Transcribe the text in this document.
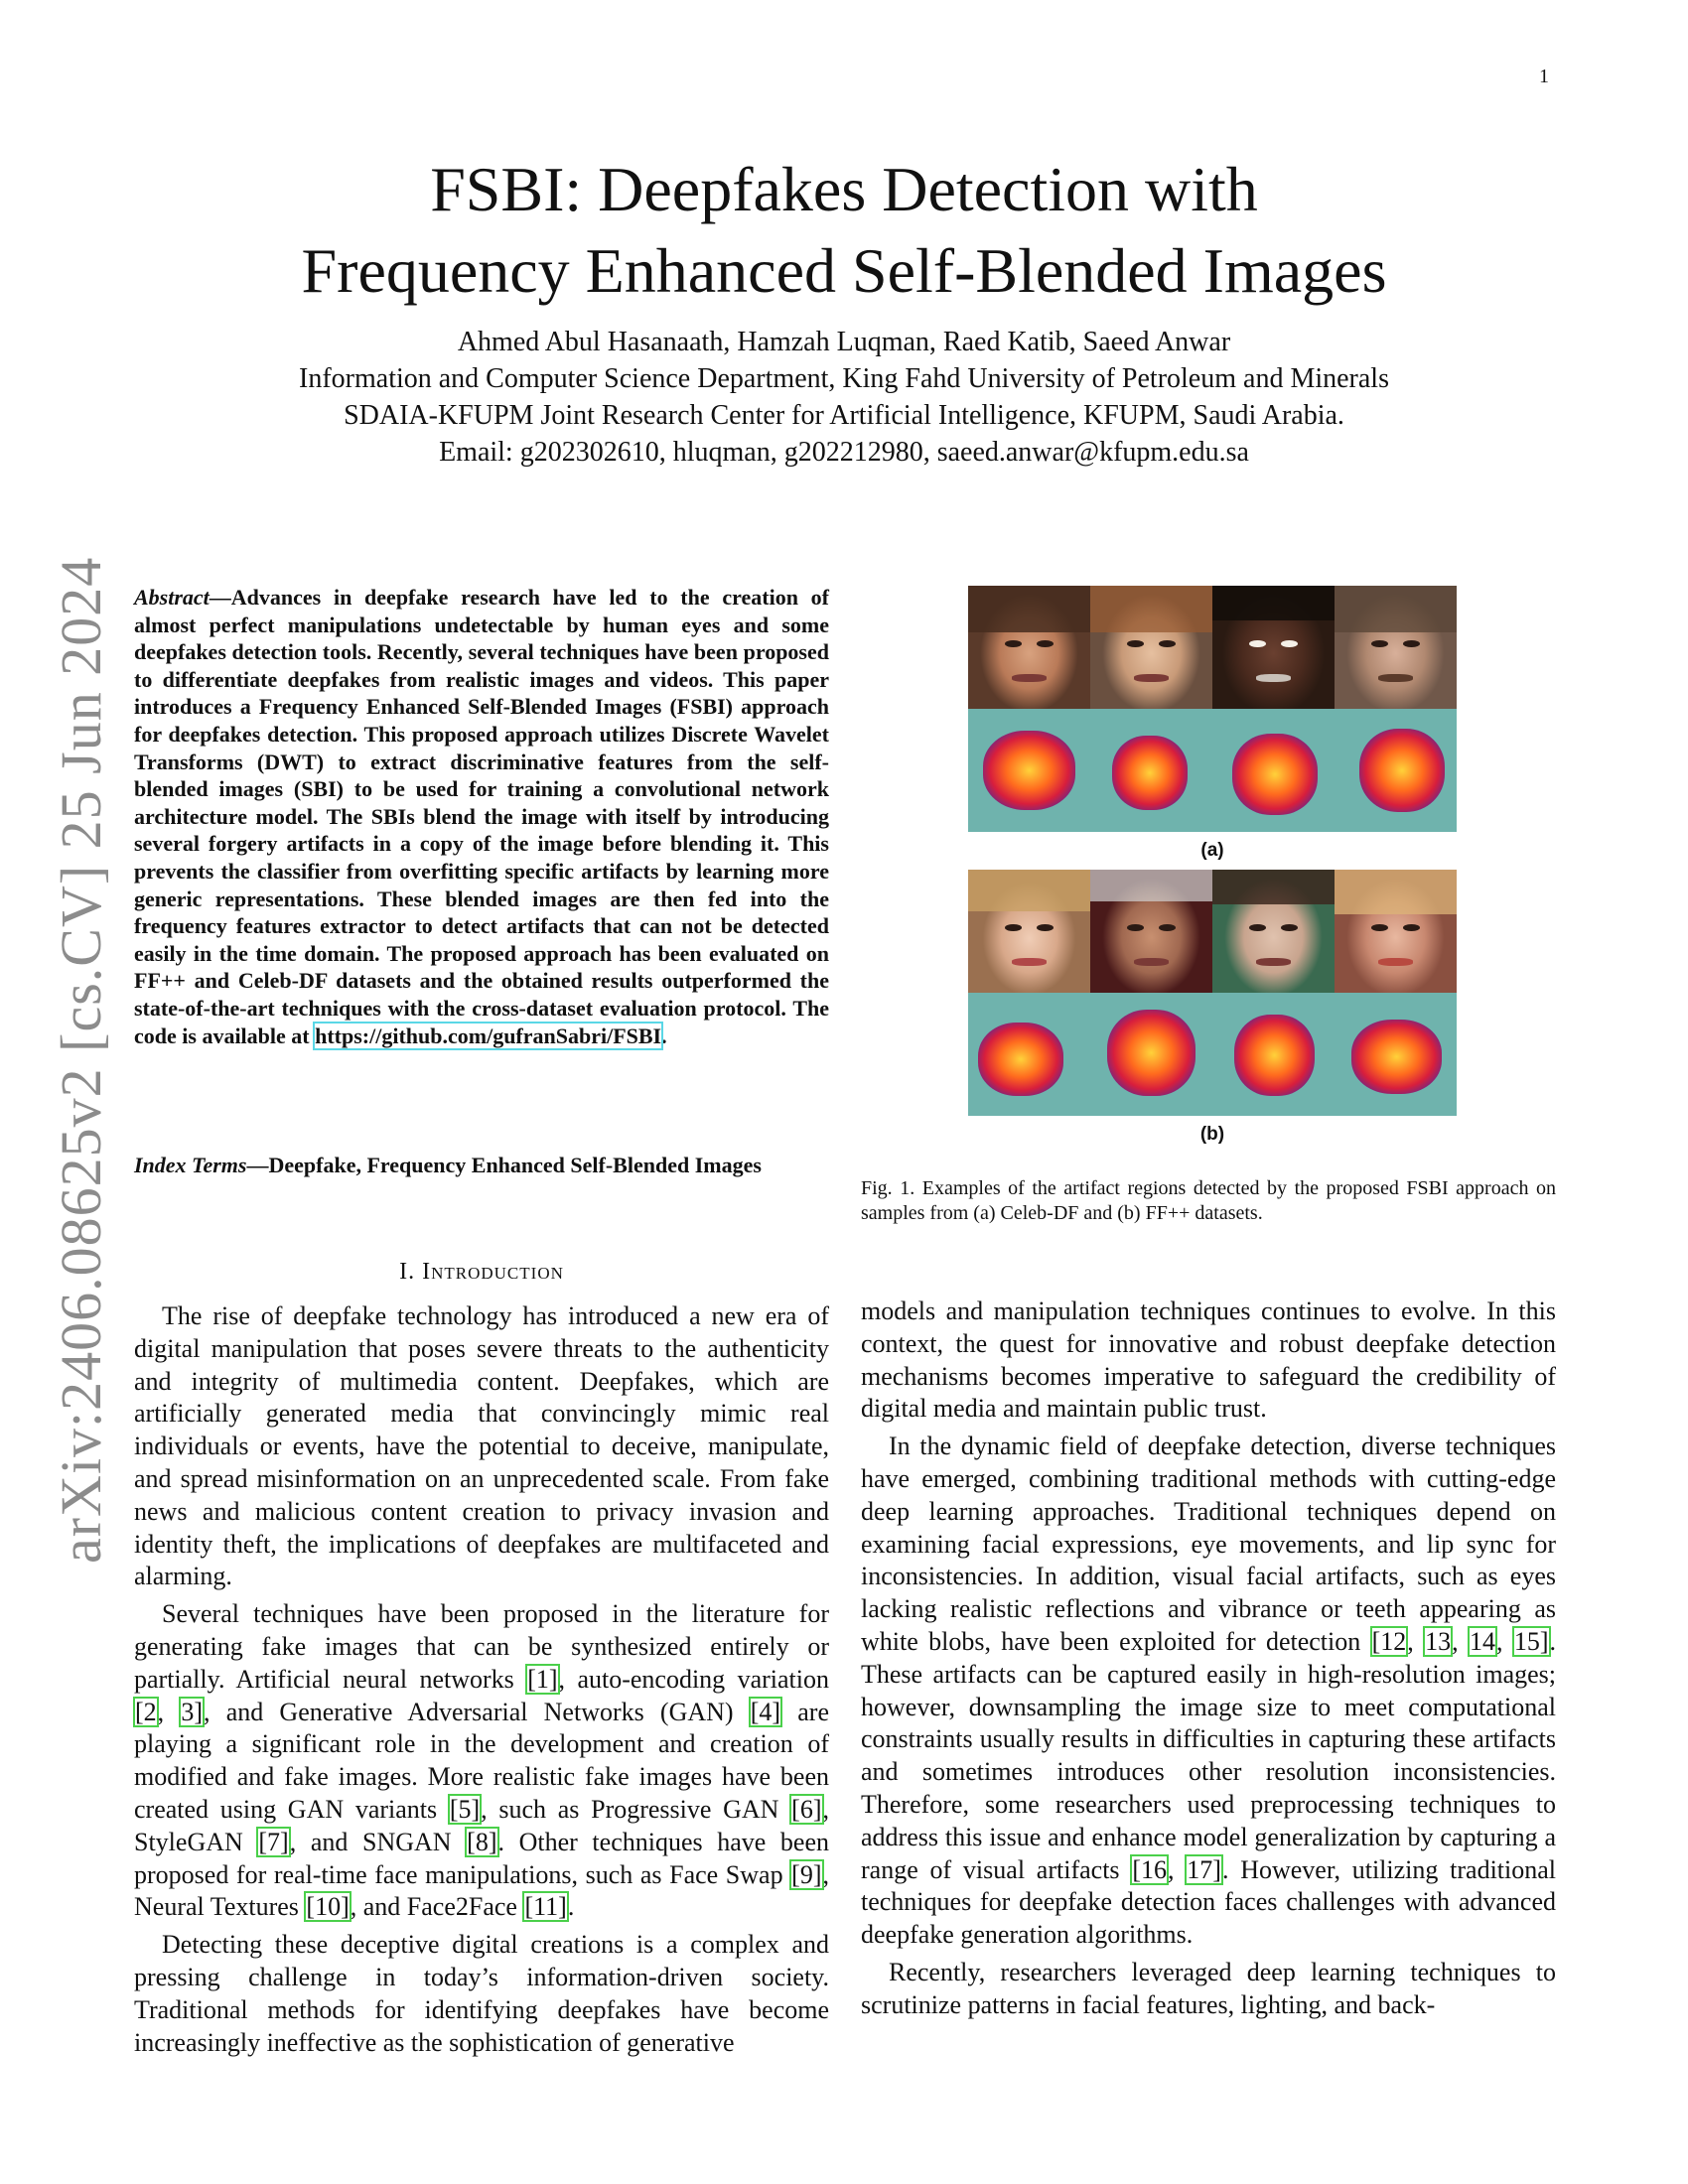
1
arXiv:2406.08625v2 [cs.CV] 25 Jun 2024
FSBI: Deepfakes Detection with
Frequency Enhanced Self-Blended Images
Ahmed Abul Hasanaath, Hamzah Luqman, Raed Katib, Saeed Anwar
Information and Computer Science Department, King Fahd University of Petroleum and Minerals
SDAIA-KFUPM Joint Research Center for Artificial Intelligence, KFUPM, Saudi Arabia.
Email: g202302610, hluqman, g202212980, saeed.anwar@kfupm.edu.sa
Abstract—Advances in deepfake research have led to the creation of almost perfect manipulations undetectable by human eyes and some deepfakes detection tools. Recently, several techniques have been proposed to differentiate deepfakes from realistic images and videos. This paper introduces a Frequency Enhanced Self-Blended Images (FSBI) approach for deepfakes detection. This proposed approach utilizes Discrete Wavelet Transforms (DWT) to extract discriminative features from the self-blended images (SBI) to be used for training a convolutional network architecture model. The SBIs blend the image with itself by introducing several forgery artifacts in a copy of the image before blending it. This prevents the classifier from overfitting specific artifacts by learning more generic representations. These blended images are then fed into the frequency features extractor to detect artifacts that can not be detected easily in the time domain. The proposed approach has been evaluated on FF++ and Celeb-DF datasets and the obtained results outperformed the state-of-the-art techniques with the cross-dataset evaluation protocol. The code is available at https://github.com/gufranSabri/FSBI.
Index Terms—Deepfake, Frequency Enhanced Self-Blended Images
I. Introduction
(a)
(b)
Fig. 1. Examples of the artifact regions detected by the proposed FSBI approach on samples from (a) Celeb-DF and (b) FF++ datasets.

The rise of deepfake technology has introduced a new era of digital manipulation that poses severe threats to the authenticity and integrity of multimedia content. Deepfakes, which are artificially generated media that convincingly mimic real individuals or events, have the potential to deceive, manipulate, and spread misinformation on an unprecedented scale. From fake news and malicious content creation to privacy invasion and identity theft, the implications of deepfakes are multifaceted and alarming.

Several techniques have been proposed in the literature for generating fake images that can be synthesized entirely or partially. Artificial neural networks [1], auto-encoding variation [2, 3], and Generative Adversarial Networks (GAN) [4] are playing a significant role in the development and creation of modified and fake images. More realistic fake images have been created using GAN variants [5], such as Progressive GAN [6], StyleGAN [7], and SNGAN [8]. Other techniques have been proposed for real-time face manipulations, such as Face Swap [9], Neural Textures [10], and Face2Face [11].

Detecting these deceptive digital creations is a complex and pressing challenge in today’s information-driven society. Traditional methods for identifying deepfakes have become increasingly ineffective as the sophistication of generative

models and manipulation techniques continues to evolve. In this context, the quest for innovative and robust deepfake detection mechanisms becomes imperative to safeguard the credibility of digital media and maintain public trust.

In the dynamic field of deepfake detection, diverse techniques have emerged, combining traditional methods with cutting-edge deep learning approaches. Traditional techniques depend on examining facial expressions, eye movements, and lip sync for inconsistencies. In addition, visual facial artifacts, such as eyes lacking realistic reflections and vibrance or teeth appearing as white blobs, have been exploited for detection [12, 13, 14, 15]. These artifacts can be captured easily in high-resolution images; however, downsampling the image size to meet computational constraints usually results in difficulties in capturing these artifacts and sometimes introduces other resolution inconsistencies. Therefore, some researchers used preprocessing techniques to address this issue and enhance model generalization by capturing a range of visual artifacts [16, 17]. However, utilizing traditional techniques for deepfake detection faces challenges with advanced deepfake generation algorithms.

Recently, researchers leveraged deep learning techniques to scrutinize patterns in facial features, lighting, and back-
